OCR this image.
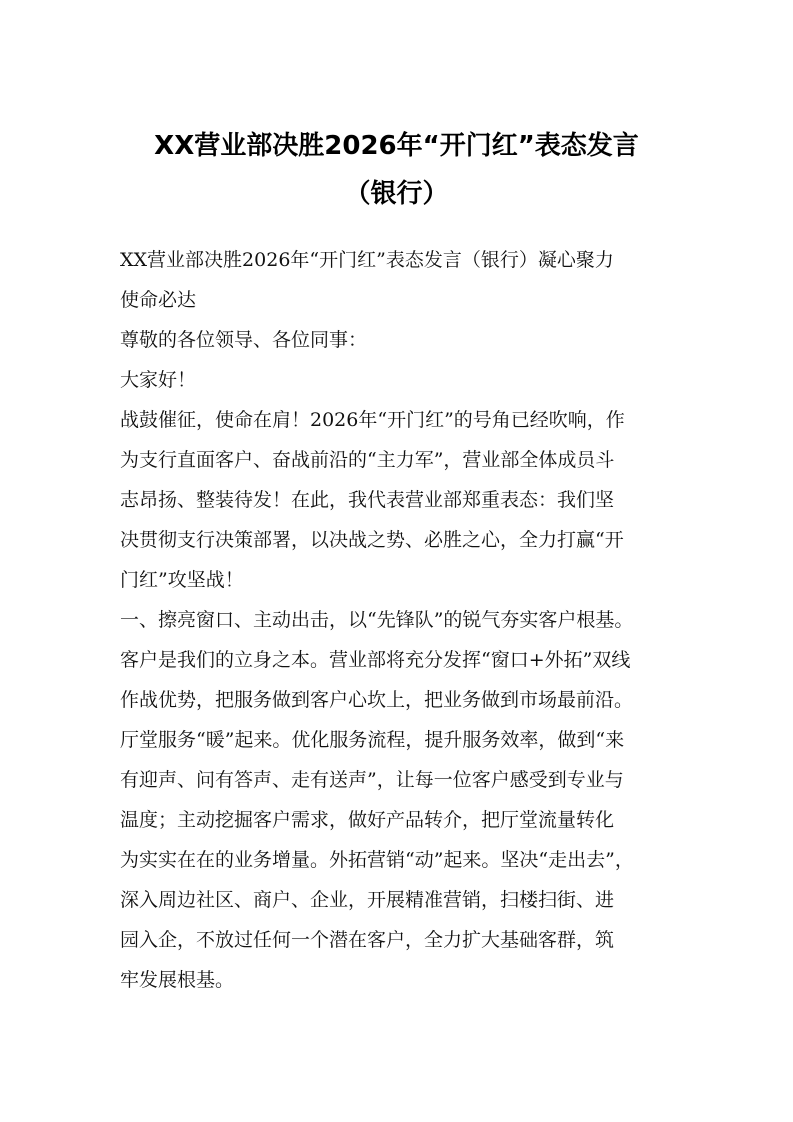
XX营业部决胜2026年“开门红”表态发言
（银行）
XX营业部决胜2026年“开门红”表态发言（银行）凝心聚力
使命必达
尊敬的各位领导、各位同事：
大家好！
战鼓催征，使命在肩！2026年“开门红”的号角已经吹响，作
为支行直面客户、奋战前沿的“主力军”，营业部全体成员斗
志昂扬、整装待发！在此，我代表营业部郑重表态：我们坚
决贯彻支行决策部署，以决战之势、必胜之心，全力打赢“开
门红”攻坚战！
一、擦亮窗口、主动出击，以“先锋队”的锐气夯实客户根基。
客户是我们的立身之本。营业部将充分发挥“窗口+外拓”双线
作战优势，把服务做到客户心坎上，把业务做到市场最前沿。
厅堂服务“暖”起来。优化服务流程，提升服务效率，做到“来
有迎声、问有答声、走有送声”，让每一位客户感受到专业与
温度；主动挖掘客户需求，做好产品转介，把厅堂流量转化
为实实在在的业务增量。外拓营销“动”起来。坚决“走出去”，
深入周边社区、商户、企业，开展精准营销，扫楼扫街、进
园入企，不放过任何一个潜在客户，全力扩大基础客群，筑
牢发展根基。
